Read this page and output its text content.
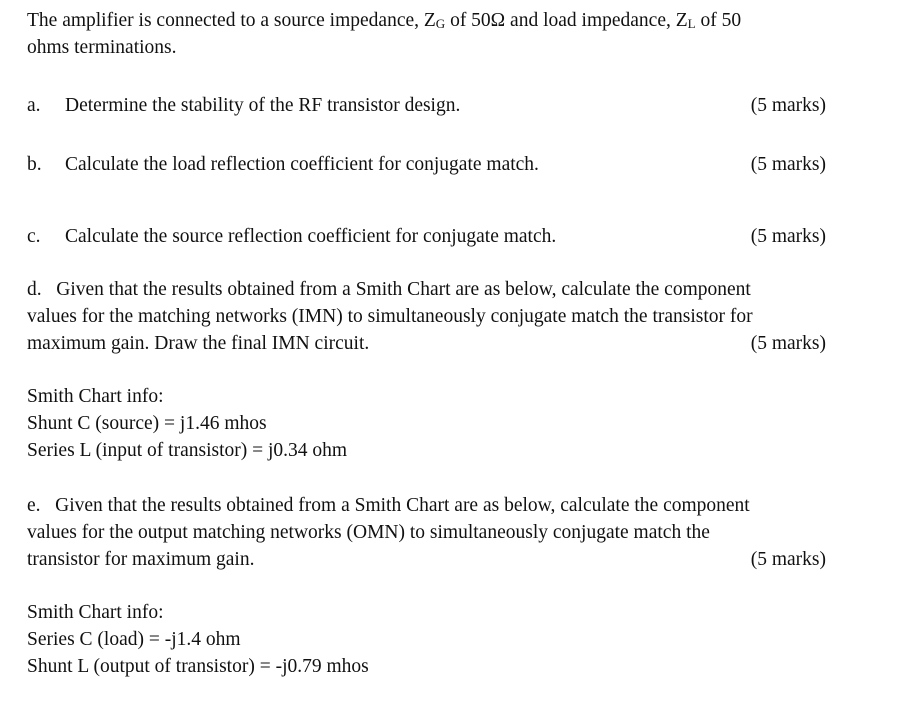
The amplifier is connected to a source impedance, $Z_G$ of 50Ω and load impedance, $Z_L$ of 50
ohms terminations.
a. Determine the stability of the RF transistor design.	(5 marks)
b. Calculate the load reflection coefficient for conjugate match.	(5 marks)
c. Calculate the source reflection coefficient for conjugate match.	(5 marks)
d.   Given that the results obtained from a Smith Chart are as below, calculate the component
values for the matching networks (IMN) to simultaneously conjugate match the transistor for
maximum gain. Draw the final IMN circuit.	(5 marks)
Smith Chart info:
Shunt C (source) = j1.46 mhos
Series L (input of transistor) = j0.34 ohm
e.   Given that the results obtained from a Smith Chart are as below, calculate the component
values for the output matching networks (OMN) to simultaneously conjugate match the
transistor for maximum gain.	(5 marks)
Smith Chart info:
Series C (load) = -j1.4 ohm
Shunt L (output of transistor) = -j0.79 mhos
